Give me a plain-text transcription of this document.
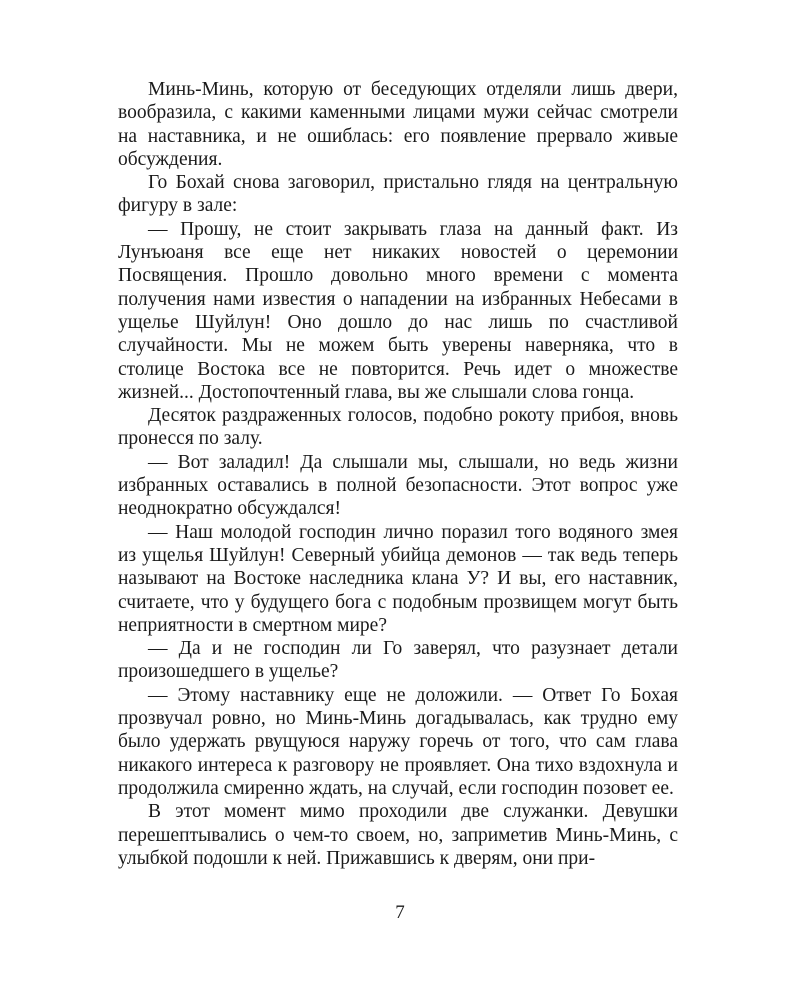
Минь-Минь, которую от беседующих отделяли лишь двери, вообразила, с какими каменными лицами мужи сейчас смотрели на наставника, и не ошиблась: его появление прервало живые обсуждения.

Го Бохай снова заговорил, пристально глядя на центральную фигуру в зале:

— Прошу, не стоит закрывать глаза на данный факт. Из Лунъюаня все еще нет никаких новостей о церемонии Посвящения. Прошло довольно много времени с момента получения нами известия о нападении на избранных Небесами в ущелье Шуйлун! Оно дошло до нас лишь по счастливой случайности. Мы не можем быть уверены наверняка, что в столице Востока все не повторится. Речь идет о множестве жизней... Достопочтенный глава, вы же слышали слова гонца.

Десяток раздраженных голосов, подобно рокоту прибоя, вновь пронесся по залу.

— Вот заладил! Да слышали мы, слышали, но ведь жизни избранных оставались в полной безопасности. Этот вопрос уже неоднократно обсуждался!

— Наш молодой господин лично поразил того водяного змея из ущелья Шуйлун! Северный убийца демонов — так ведь теперь называют на Востоке наследника клана У? И вы, его наставник, считаете, что у будущего бога с подобным прозвищем могут быть неприятности в смертном мире?

— Да и не господин ли Го заверял, что разузнает детали произошедшего в ущелье?

— Этому наставнику еще не доложили. — Ответ Го Бохая прозвучал ровно, но Минь-Минь догадывалась, как трудно ему было удержать рвущуюся наружу горечь от того, что сам глава никакого интереса к разговору не проявляет. Она тихо вздохнула и продолжила смиренно ждать, на случай, если господин позовет ее.

В этот момент мимо проходили две служанки. Девушки перешептывались о чем-то своем, но, заприметив Минь-Минь, с улыбкой подошли к ней. Прижавшись к дверям, они при-

7
